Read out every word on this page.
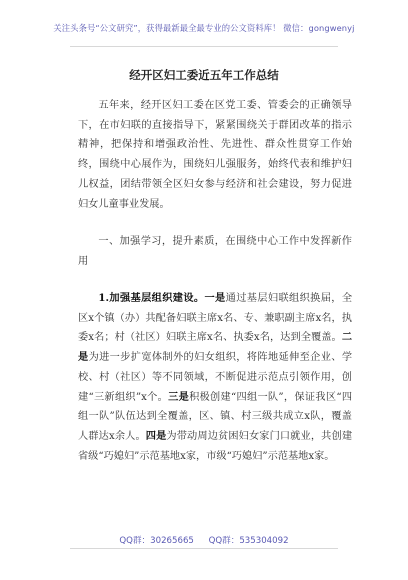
关注头条号“公文研究”，获得最新最全最专业的公文资料库！ 微信：gongwenyj
经开区妇工委近五年工作总结

五年来，经开区妇工委在区党工委、管委会的正确领导下，在市妇联的直接指导下，紧紧围绕关于群团改革的指示精神，把保持和增强政治性、先进性、群众性贯穿工作始终，围绕中心展作为，围绕妇儿强服务，始终代表和维护妇儿权益，团结带领全区妇女参与经济和社会建设，努力促进妇女儿童事业发展。

一、加强学习，提升素质，在围绕中心工作中发挥新作用

1.加强基层组织建设。一是通过基层妇联组织换届，全区x个镇（办）共配备妇联主席x名、专、兼职副主席x名，执委x名；村（社区）妇联主席x名、执委x名，达到全覆盖。二是为进一步扩宽体制外的妇女组织，将阵地延伸至企业、学校、村（社区）等不同领域，不断促进示范点引领作用，创建“三新组织”x个。三是积极创建“四组一队”，保证我区“四组一队”队伍达到全覆盖，区、镇、村三级共成立x队，覆盖人群达x余人。四是为带动周边贫困妇女家门口就业，共创建省级“巧媳妇”示范基地x家，市级“巧媳妇”示范基地x家。

QQ群：30265665 QQ群：535304092
